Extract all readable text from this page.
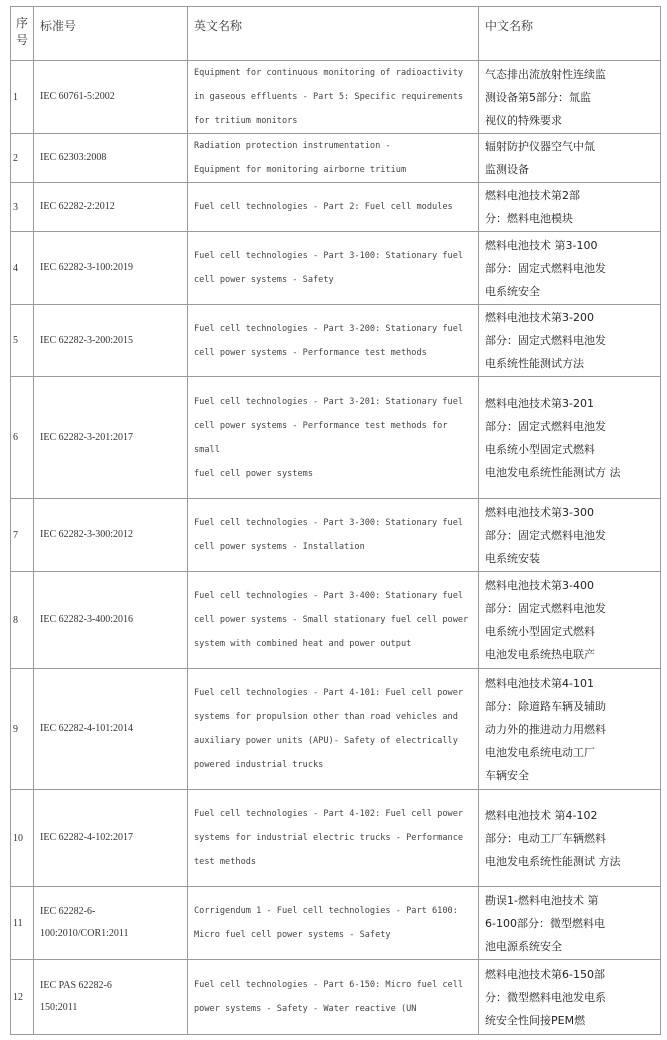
序号	标准号	英文名称	中文名称
1	IEC 60761-5:2002	Equipment for continuous monitoring of radioactivity
in gaseous effluents - Part 5: Specific requirements
for tritium monitors	气态排出流放射性连续监
测设备第5部分：氚监
视仪的特殊要求
2	IEC 62303:2008	Radiation protection instrumentation -
Equipment for monitoring airborne tritium	辐射防护仪器空气中氚
监测设备
3	IEC 62282-2:2012	Fuel cell technologies - Part 2: Fuel cell modules	燃料电池技术第2部
分：燃料电池模块
4	IEC 62282-3-100:2019	Fuel cell technologies - Part 3-100: Stationary fuel
cell power systems - Safety	燃料电池技术 第3-100
部分：固定式燃料电池发
电系统安全
5	IEC 62282-3-200:2015	Fuel cell technologies - Part 3-200: Stationary fuel
cell power systems - Performance test methods	燃料电池技术第3-200
部分：固定式燃料电池发
电系统性能测试方法
6	IEC 62282-3-201:2017	Fuel cell technologies - Part 3-201: Stationary fuel
cell power systems - Performance test methods for small
fuel cell power systems	燃料电池技术第3-201
部分：固定式燃料电池发
电系统小型固定式燃料
电池发电系统性能测试方 法
7	IEC 62282-3-300:2012	Fuel cell technologies - Part 3-300: Stationary fuel
cell power systems - Installation	燃料电池技术第3-300
部分：固定式燃料电池发
电系统安装
8	IEC 62282-3-400:2016	Fuel cell technologies - Part 3-400: Stationary fuel
cell power systems - Small stationary fuel cell power
system with combined heat and power output	燃料电池技术第3-400
部分：固定式燃料电池发
电系统小型固定式燃料
电池发电系统热电联产
9	IEC 62282-4-101:2014	Fuel cell technologies - Part 4-101: Fuel cell power
systems for propulsion other than road vehicles and
auxiliary power units (APU)- Safety of electrically
powered industrial trucks	燃料电池技术第4-101
部分：除道路车辆及辅助
动力外的推进动力用燃料
电池发电系统电动工厂
车辆安全
10	IEC 62282-4-102:2017	Fuel cell technologies - Part 4-102: Fuel cell power
systems for industrial electric trucks - Performance
test methods	燃料电池技术 第4-102
部分：电动工厂车辆燃料
电池发电系统性能测试 方法
11	IEC 62282-6-
100:2010/COR1:2011	Corrigendum 1 - Fuel cell technologies - Part 6100:
Micro fuel cell power systems - Safety	勘误1-燃料电池技术 第
6-100部分：微型燃料电
池电源系统安全
12	IEC PAS 62282-6
150:2011	Fuel cell technologies - Part 6-150: Micro fuel cell
power systems - Safety - Water reactive (UN	燃料电池技术第6-150部
分：微型燃料电池发电系
统安全性间接PEM燃
